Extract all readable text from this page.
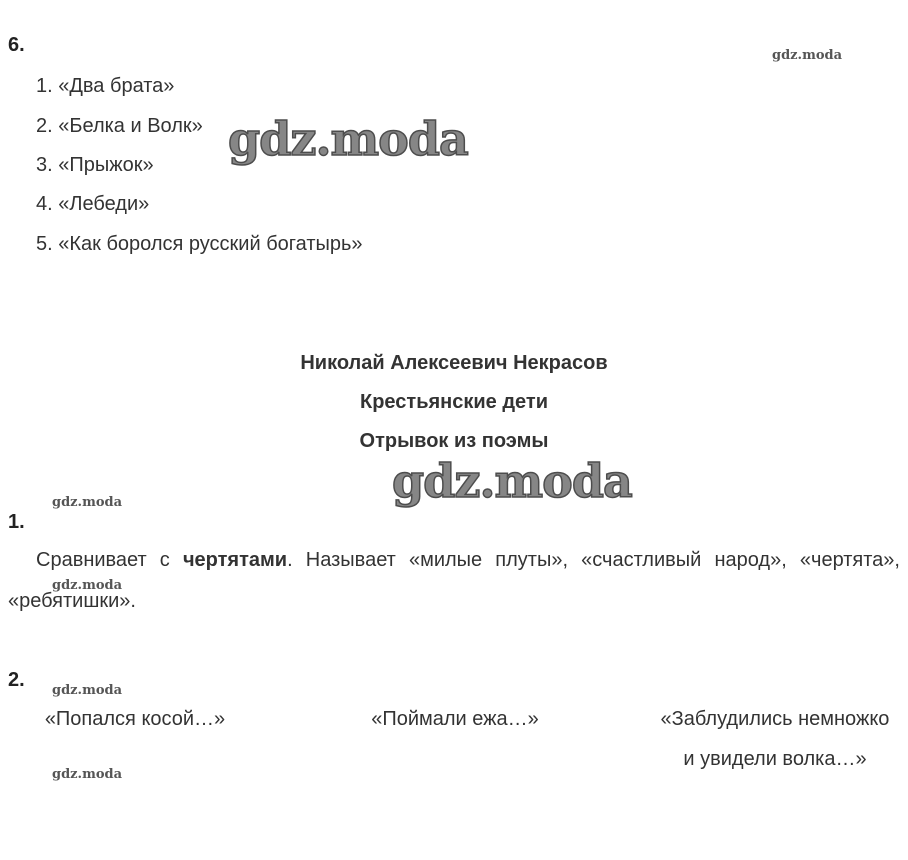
6.	gdz.moda
1. «Два брата»
2. «Белка и Волк»
3. «Прыжок»
4. «Лебеди»
5. «Как боролся русский богатырь»
gdz.moda
Николай Алексеевич Некрасов
Крестьянские дети
Отрывок из поэмы
gdz.moda
gdz.moda
1.
Сравнивает с чертятами. Называет «милые плуты», «счастливый народ», «чертята», «ребятишки».
gdz.moda
2. gdz.moda
«Попался косой…»	«Поймали ежа…»	«Заблудились немножко и увидели волка…»
gdz.moda
